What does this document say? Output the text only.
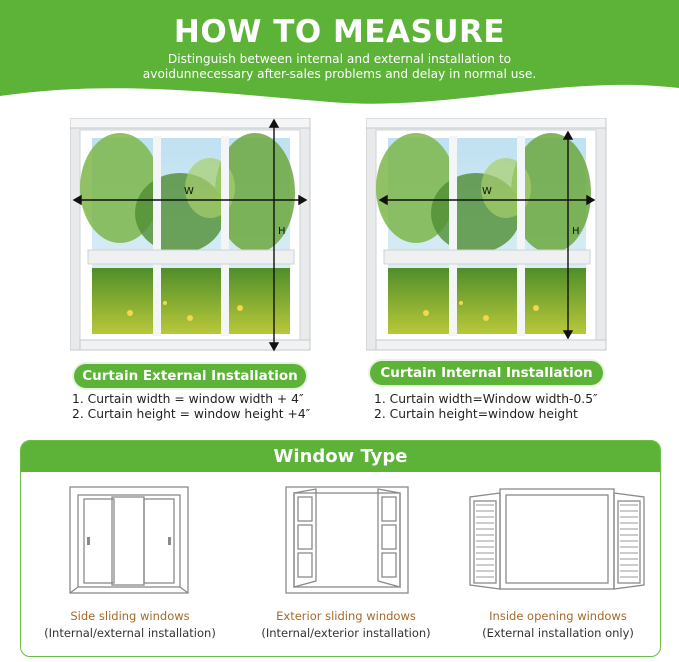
HOW TO MEASURE
Distinguish between internal and external installation to
avoidunnecessary after-sales problems and delay in normal use.
W
H
W
H
Curtain External Installation
1. Curtain width = window width + 4″
2. Curtain height = window height +4″
Curtain Internal Installation
1. Curtain width=Window width-0.5″
2. Curtain height=window height
Window Type
Side sliding windows
(Internal/external installation)
Exterior sliding windows
(Internal/exterior installation)
Inside opening windows
(External installation only)
